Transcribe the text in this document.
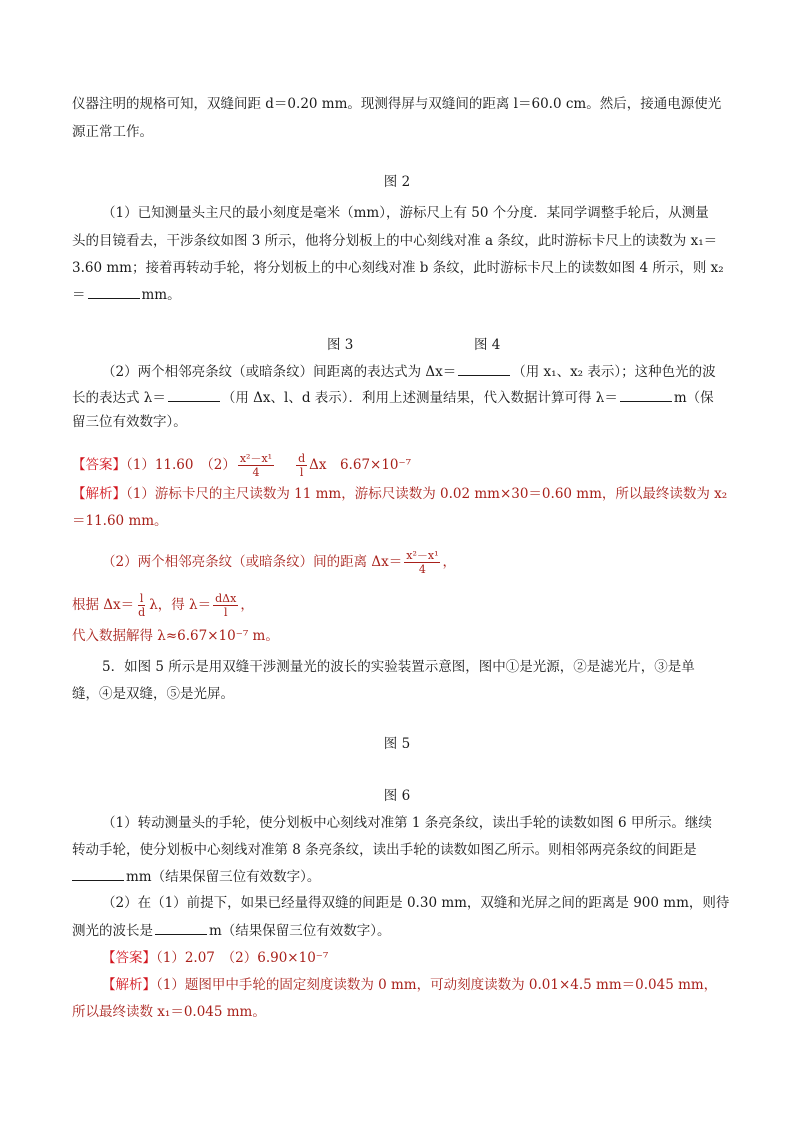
仪器注明的规格可知，双缝间距 d＝0.20 mm。现测得屏与双缝间的距离 l＝60.0 cm。然后，接通电源使光
源正常工作。
图 2
（1）已知测量头主尺的最小刻度是毫米（mm），游标尺上有 50 个分度．某同学调整手轮后，从测量
头的目镜看去，干涉条纹如图 3 所示，他将分划板上的中心刻线对准 a 条纹，此时游标卡尺上的读数为 x₁＝
3.60 mm；接着再转动手轮，将分划板上的中心刻线对准 b 条纹，此时游标卡尺上的读数如图 4 所示，则 x₂
＝	mm。
图 3	图 4
（2）两个相邻亮条纹（或暗条纹）间距离的表达式为 Δx＝	（用 x₁、x₂ 表示）；这种色光的波
长的表达式 λ＝	（用 Δx、l、d 表示）．利用上述测量结果，代入数据计算可得 λ＝	m（保
留三位有效数字）。
【答案】（1）11.60　$(2) \frac{\text{x²－x¹}}{4} \frac{d}{l}$ Δx　6.67×10⁻⁷
【解析】（1）游标卡尺的主尺读数为 11 mm，游标尺读数为 0.02 mm×30＝0.60 mm，所以最终读数为 x₂
＝11.60 mm。
（2）两个相邻亮条纹（或暗条纹）间的距离 $\Delta x= \frac{\text{x²－x¹}}{4}$ ，
根据 $\Delta x= \frac{l}{d}$ λ，得 $\lambda= \frac{\text{dΔx}}{l}$ ，
代入数据解得 λ≈6.67×10⁻⁷ m。
5．如图 5 所示是用双缝干涉测量光的波长的实验装置示意图，图中①是光源，②是滤光片，③是单
缝，④是双缝，⑤是光屏。
图 5
图 6
（1）转动测量头的手轮，使分划板中心刻线对准第 1 条亮条纹，读出手轮的读数如图 6 甲所示。继续
转动手轮，使分划板中心刻线对准第 8 条亮条纹，读出手轮的读数如图乙所示。则相邻两亮条纹的间距是
mm（结果保留三位有效数字）。
（2）在（1）前提下，如果已经量得双缝的间距是 0.30 mm，双缝和光屏之间的距离是 900 mm，则待
测光的波长是	m（结果保留三位有效数字）。
【答案】（1）2.07　（2）6.90×10⁻⁷
【解析】（1）题图甲中手轮的固定刻度读数为 0 mm，可动刻度读数为 0.01×4.5 mm＝0.045 mm，
所以最终读数 x₁＝0.045 mm。
